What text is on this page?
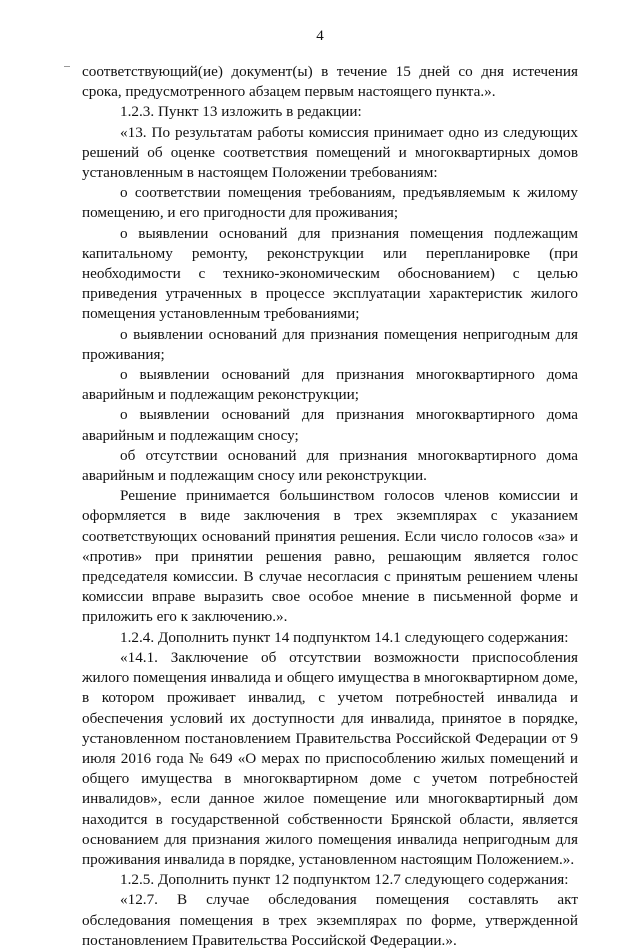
4

соответствующий(ие) документ(ы) в течение 15 дней со дня истечения срока, предусмотренного абзацем первым настоящего пункта.».

1.2.3. Пункт 13 изложить в редакции:

«13. По результатам работы комиссия принимает одно из следующих решений об оценке соответствия помещений и многоквартирных домов установленным в настоящем Положении требованиям:

о соответствии помещения требованиям, предъявляемым к жилому помещению, и его пригодности для проживания;

о выявлении оснований для признания помещения подлежащим капитальному ремонту, реконструкции или перепланировке (при необходимости с технико-экономическим обоснованием) с целью приведения утраченных в процессе эксплуатации характеристик жилого помещения установленным требованиями;

о выявлении оснований для признания помещения непригодным для проживания;

о выявлении оснований для признания многоквартирного дома аварийным и подлежащим реконструкции;

о выявлении оснований для признания многоквартирного дома аварийным и подлежащим сносу;

об отсутствии оснований для признания многоквартирного дома аварийным и подлежащим сносу или реконструкции.

Решение принимается большинством голосов членов комиссии и оформляется в виде заключения в трех экземплярах с указанием соответствующих оснований принятия решения. Если число голосов «за» и «против» при принятии решения равно, решающим является голос председателя комиссии. В случае несогласия с принятым решением члены комиссии вправе выразить свое особое мнение в письменной форме и приложить его к заключению.».

1.2.4. Дополнить пункт 14 подпунктом 14.1 следующего содержания:

«14.1. Заключение об отсутствии возможности приспособления жилого помещения инвалида и общего имущества в многоквартирном доме, в котором проживает инвалид, с учетом потребностей инвалида и обеспечения условий их доступности для инвалида, принятое в порядке, установленном постановлением Правительства Российской Федерации от 9 июля 2016 года № 649 «О мерах по приспособлению жилых помещений и общего имущества в многоквартирном доме с учетом потребностей инвалидов», если данное жилое помещение или многоквартирный дом находится в государственной собственности Брянской области, является основанием для признания жилого помещения инвалида непригодным для проживания инвалида в порядке, установленном настоящим Положением.».

1.2.5. Дополнить пункт 12 подпунктом 12.7 следующего содержания:

«12.7. В случае обследования помещения составлять акт обследования помещения в трех экземплярах по форме, утвержденной постановлением Правительства Российской Федерации.».
